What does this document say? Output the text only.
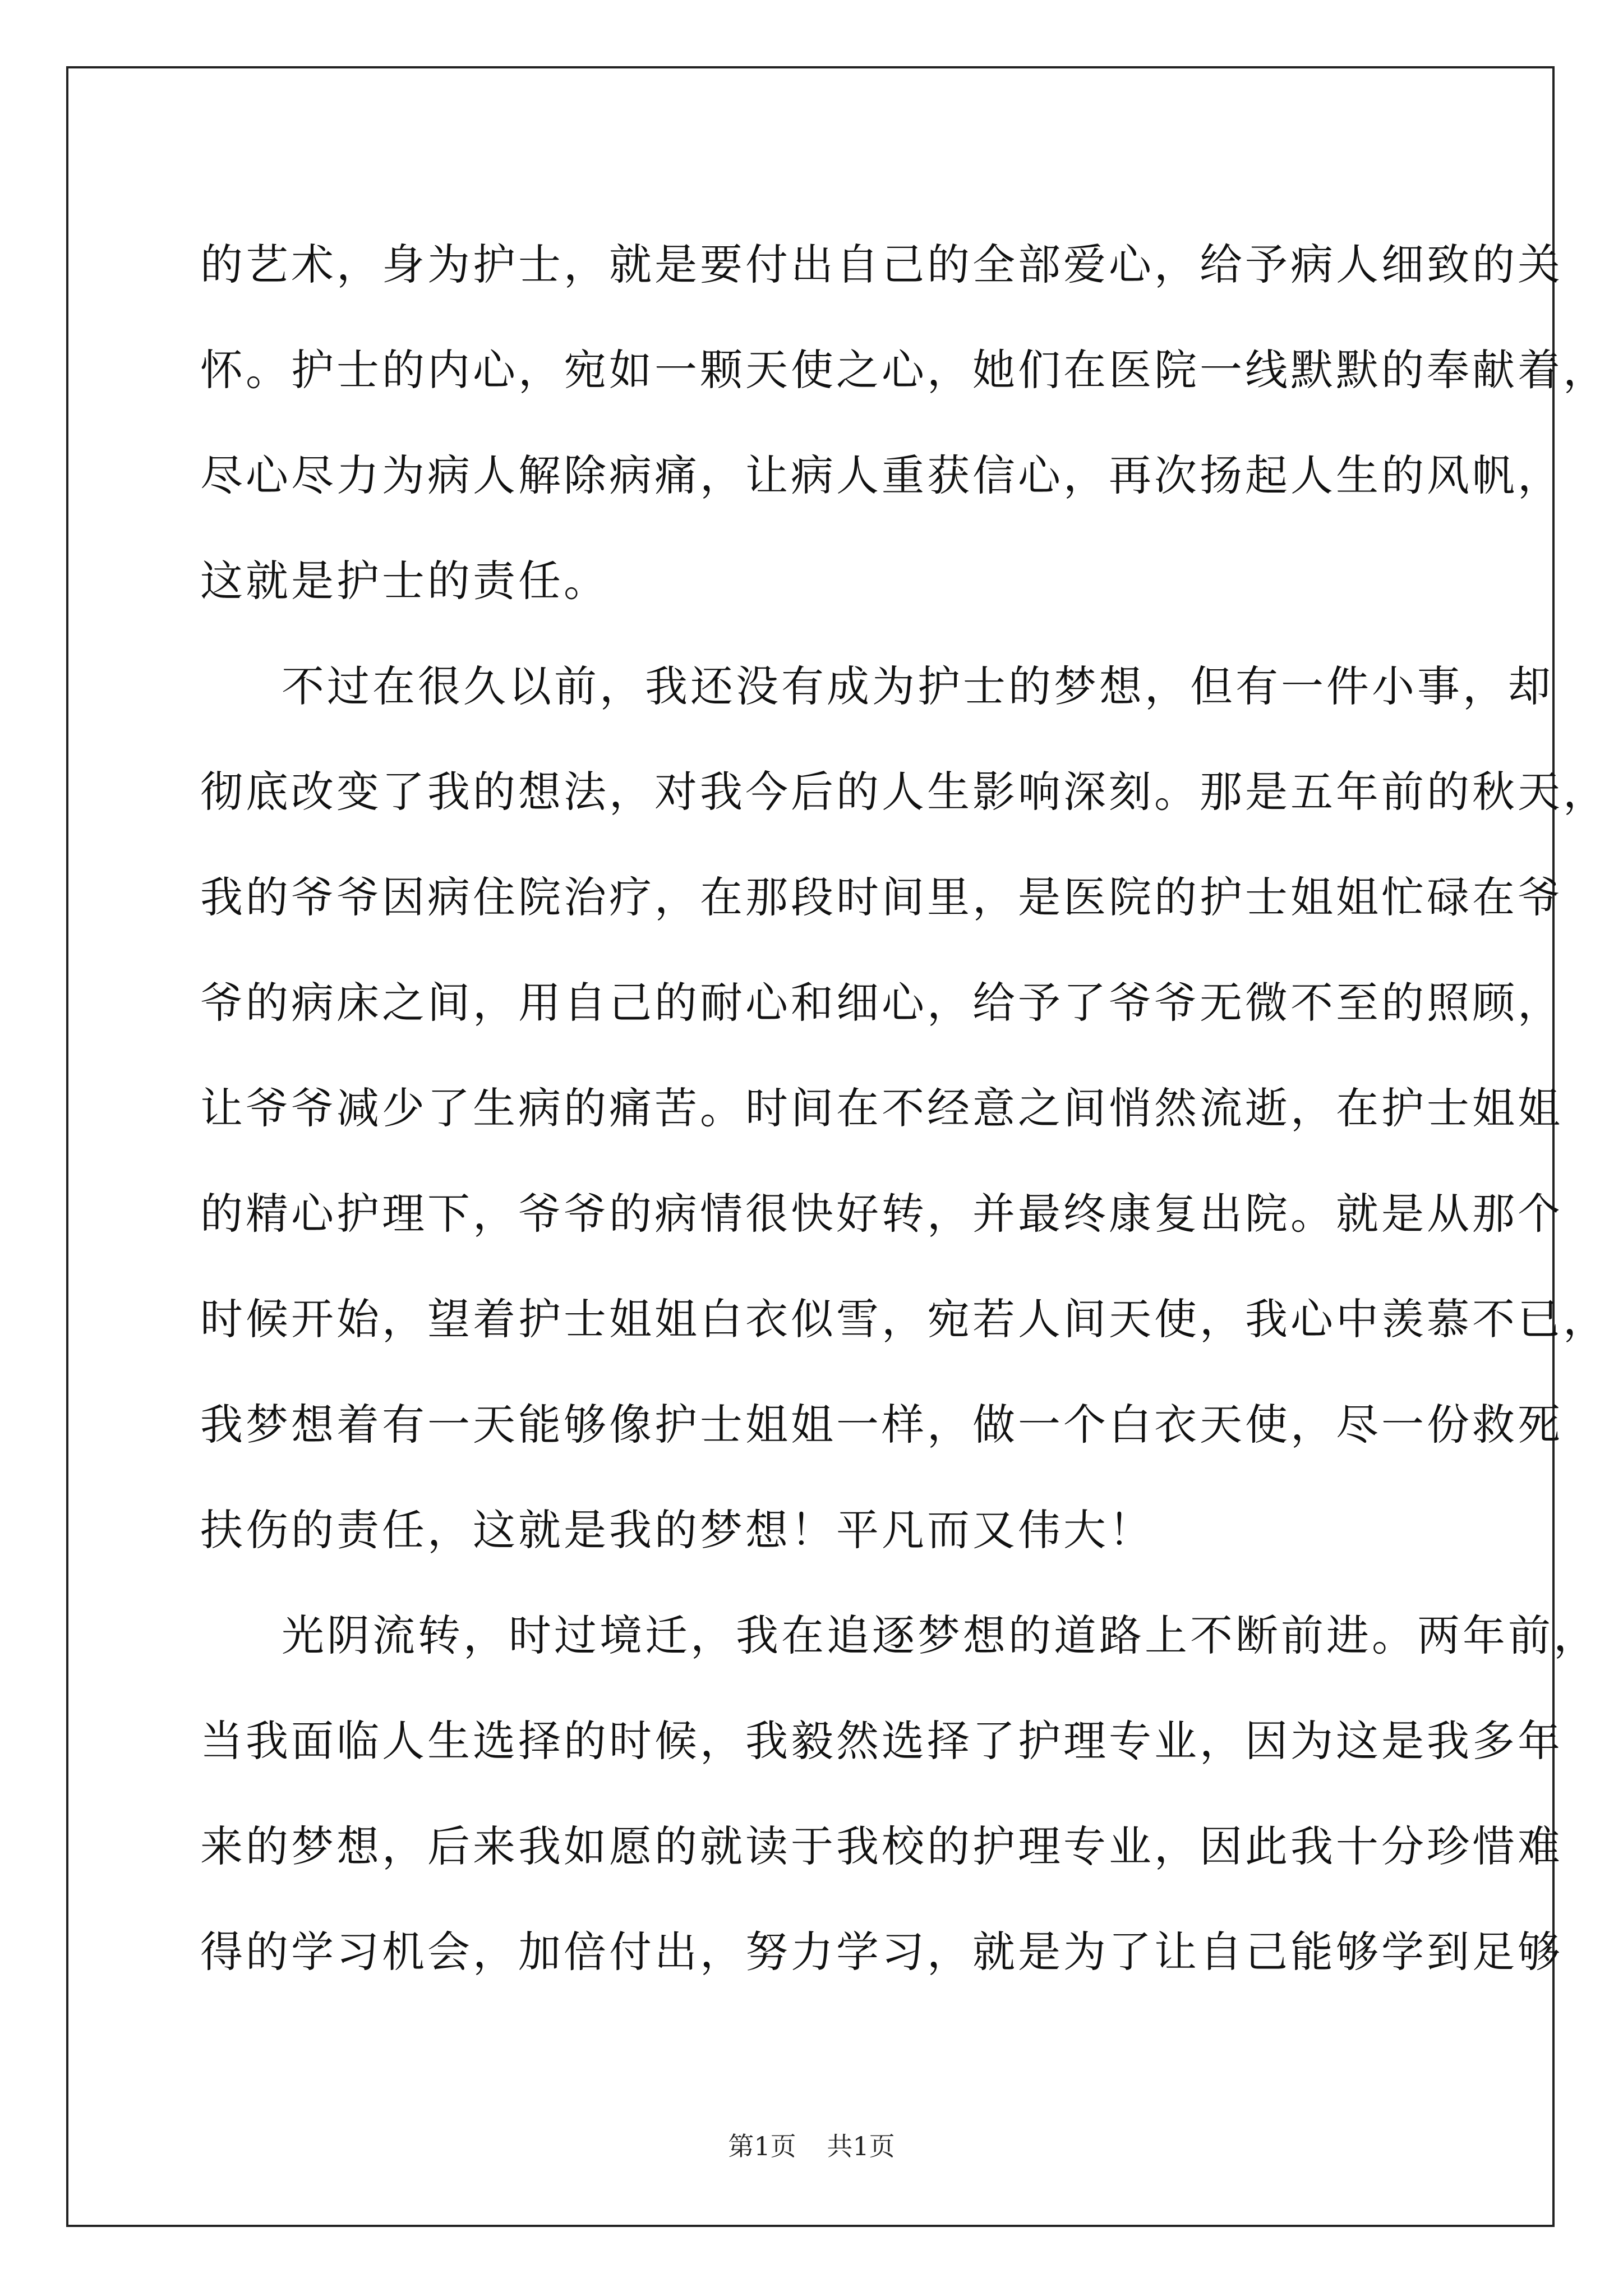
的艺术，身为护士，就是要付出自己的全部爱心，给予病人细致的关
怀。护士的内心，宛如一颗天使之心，她们在医院一线默默的奉献着，
尽心尽力为病人解除病痛，让病人重获信心，再次扬起人生的风帆，
这就是护士的责任。
不过在很久以前，我还没有成为护士的梦想，但有一件小事，却
彻底改变了我的想法，对我今后的人生影响深刻。那是五年前的秋天，
我的爷爷因病住院治疗，在那段时间里，是医院的护士姐姐忙碌在爷
爷的病床之间，用自己的耐心和细心，给予了爷爷无微不至的照顾，
让爷爷减少了生病的痛苦。时间在不经意之间悄然流逝，在护士姐姐
的精心护理下，爷爷的病情很快好转，并最终康复出院。就是从那个
时候开始，望着护士姐姐白衣似雪，宛若人间天使，我心中羡慕不已，
我梦想着有一天能够像护士姐姐一样，做一个白衣天使，尽一份救死
扶伤的责任，这就是我的梦想！平凡而又伟大！
光阴流转，时过境迁，我在追逐梦想的道路上不断前进。两年前，
当我面临人生选择的时候，我毅然选择了护理专业，因为这是我多年
来的梦想，后来我如愿的就读于我校的护理专业，因此我十分珍惜难
得的学习机会，加倍付出，努力学习，就是为了让自己能够学到足够
第1页 共1页
